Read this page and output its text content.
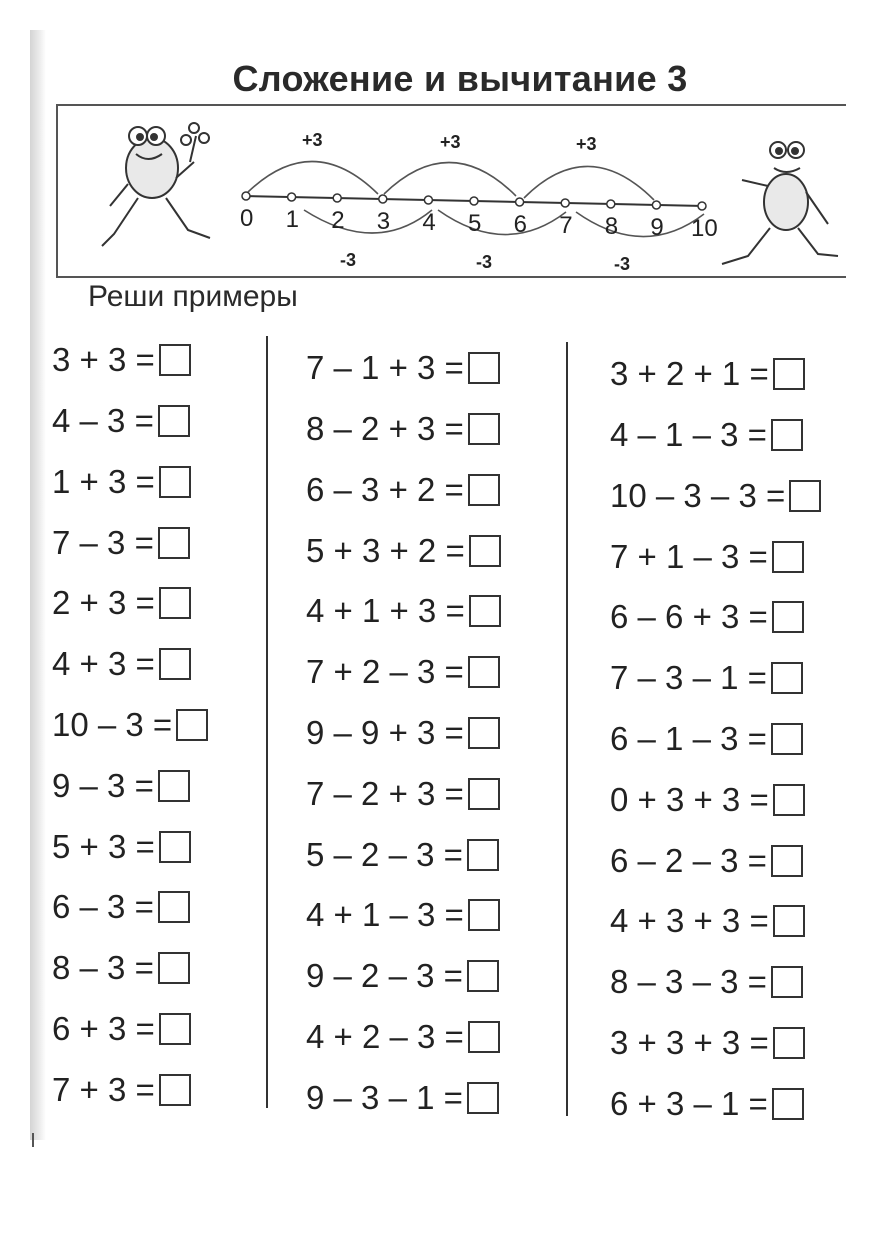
Сложение и вычитание 3
+3	+3	+3
-3	-3	-3
0 1 2 3 4 5 6 7 8 9 10
Реши примеры
3 + 3 =
4 – 3 =
1 + 3 =
7 – 3 =
2 + 3 =
4 + 3 =
10 – 3 =
9 – 3 =
5 + 3 =
6 – 3 =
8 – 3 =
6 + 3 =
7 + 3 =
7 – 1 + 3 =
8 – 2 + 3 =
6 – 3 + 2 =
5 + 3 + 2 =
4 + 1 + 3 =
7 + 2 – 3 =
9 – 9 + 3 =
7 – 2 + 3 =
5 – 2 – 3 =
4 + 1 – 3 =
9 – 2 – 3 =
4 + 2 – 3 =
9 – 3 – 1 =
3 + 2 + 1 =
4 – 1 – 3 =
10 – 3 – 3 =
7 + 1 – 3 =
6 – 6 + 3 =
7 – 3 – 1 =
6 – 1 – 3 =
0 + 3 + 3 =
6 – 2 – 3 =
4 + 3 + 3 =
8 – 3 – 3 =
3 + 3 + 3 =
6 + 3 – 1 =
